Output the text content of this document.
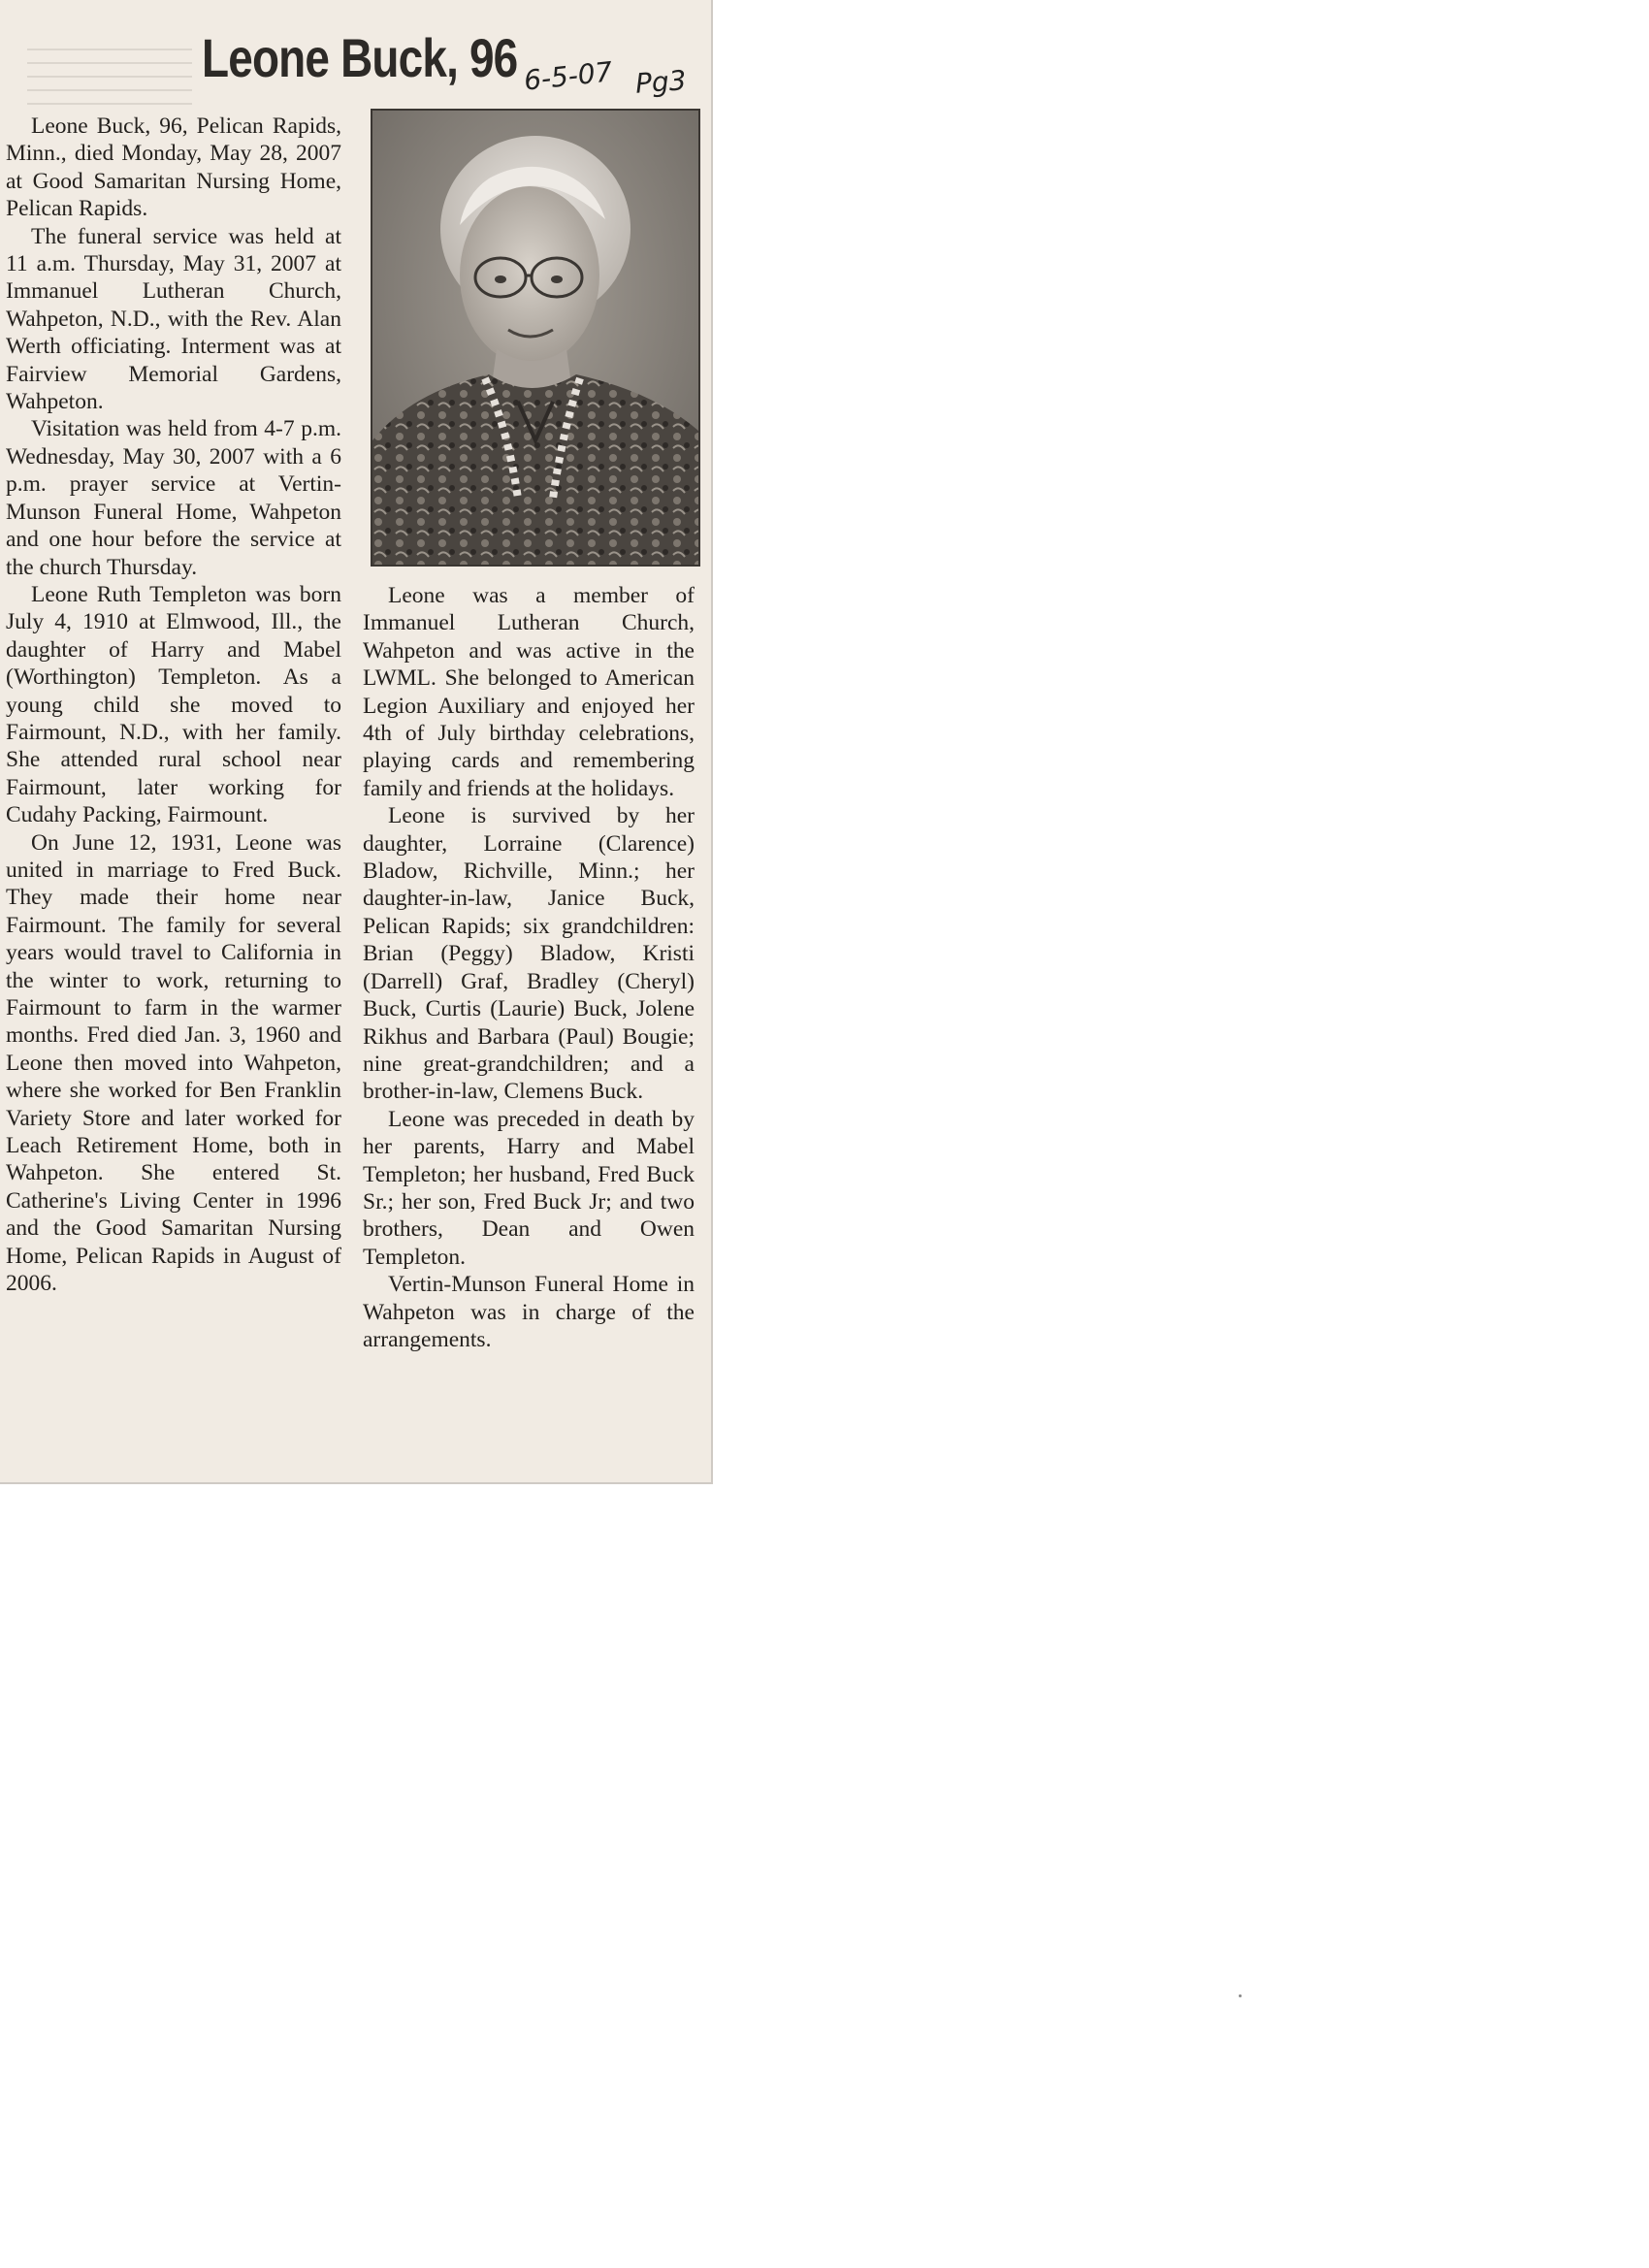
Leone Buck, 96 6-5-07 Pg3

Leone Buck, 96, Pelican Rapids, Minn., died Monday, May 28, 2007 at Good Samaritan Nursing Home, Pelican Rapids.

The funeral service was held at 11 a.m. Thursday, May 31, 2007 at Immanuel Lutheran Church, Wahpeton, N.D., with the Rev. Alan Werth officiating. Interment was at Fairview Memorial Gardens, Wahpeton.

Visitation was held from 4-7 p.m. Wednesday, May 30, 2007 with a 6 p.m. prayer service at Vertin-Munson Funeral Home, Wahpeton and one hour before the service at the church Thursday.

Leone Ruth Templeton was born July 4, 1910 at Elmwood, Ill., the daughter of Harry and Mabel (Worthington) Templeton. As a young child she moved to Fairmount, N.D., with her family. She attended rural school near Fairmount, later working for Cudahy Packing, Fairmount.

On June 12, 1931, Leone was united in marriage to Fred Buck. They made their home near Fairmount. The family for several years would travel to California in the winter to work, returning to Fairmount to farm in the warmer months. Fred died Jan. 3, 1960 and Leone then moved into Wahpeton, where she worked for Ben Franklin Variety Store and later worked for Leach Retirement Home, both in Wahpeton. She entered St. Catherine's Living Center in 1996 and the Good Samaritan Nursing Home, Pelican Rapids in August of 2006.

Leone was a member of Immanuel Lutheran Church, Wahpeton and was active in the LWML. She belonged to American Legion Auxiliary and enjoyed her 4th of July birthday celebrations, playing cards and remembering family and friends at the holidays.

Leone is survived by her daughter, Lorraine (Clarence) Bladow, Richville, Minn.; her daughter-in-law, Janice Buck, Pelican Rapids; six grandchildren: Brian (Peggy) Bladow, Kristi (Darrell) Graf, Bradley (Cheryl) Buck, Curtis (Laurie) Buck, Jolene Rikhus and Barbara (Paul) Bougie; nine great-grandchildren; and a brother-in-law, Clemens Buck.

Leone was preceded in death by her parents, Harry and Mabel Templeton; her husband, Fred Buck Sr.; her son, Fred Buck Jr; and two brothers, Dean and Owen Templeton.

Vertin-Munson Funeral Home in Wahpeton was in charge of the arrangements.
